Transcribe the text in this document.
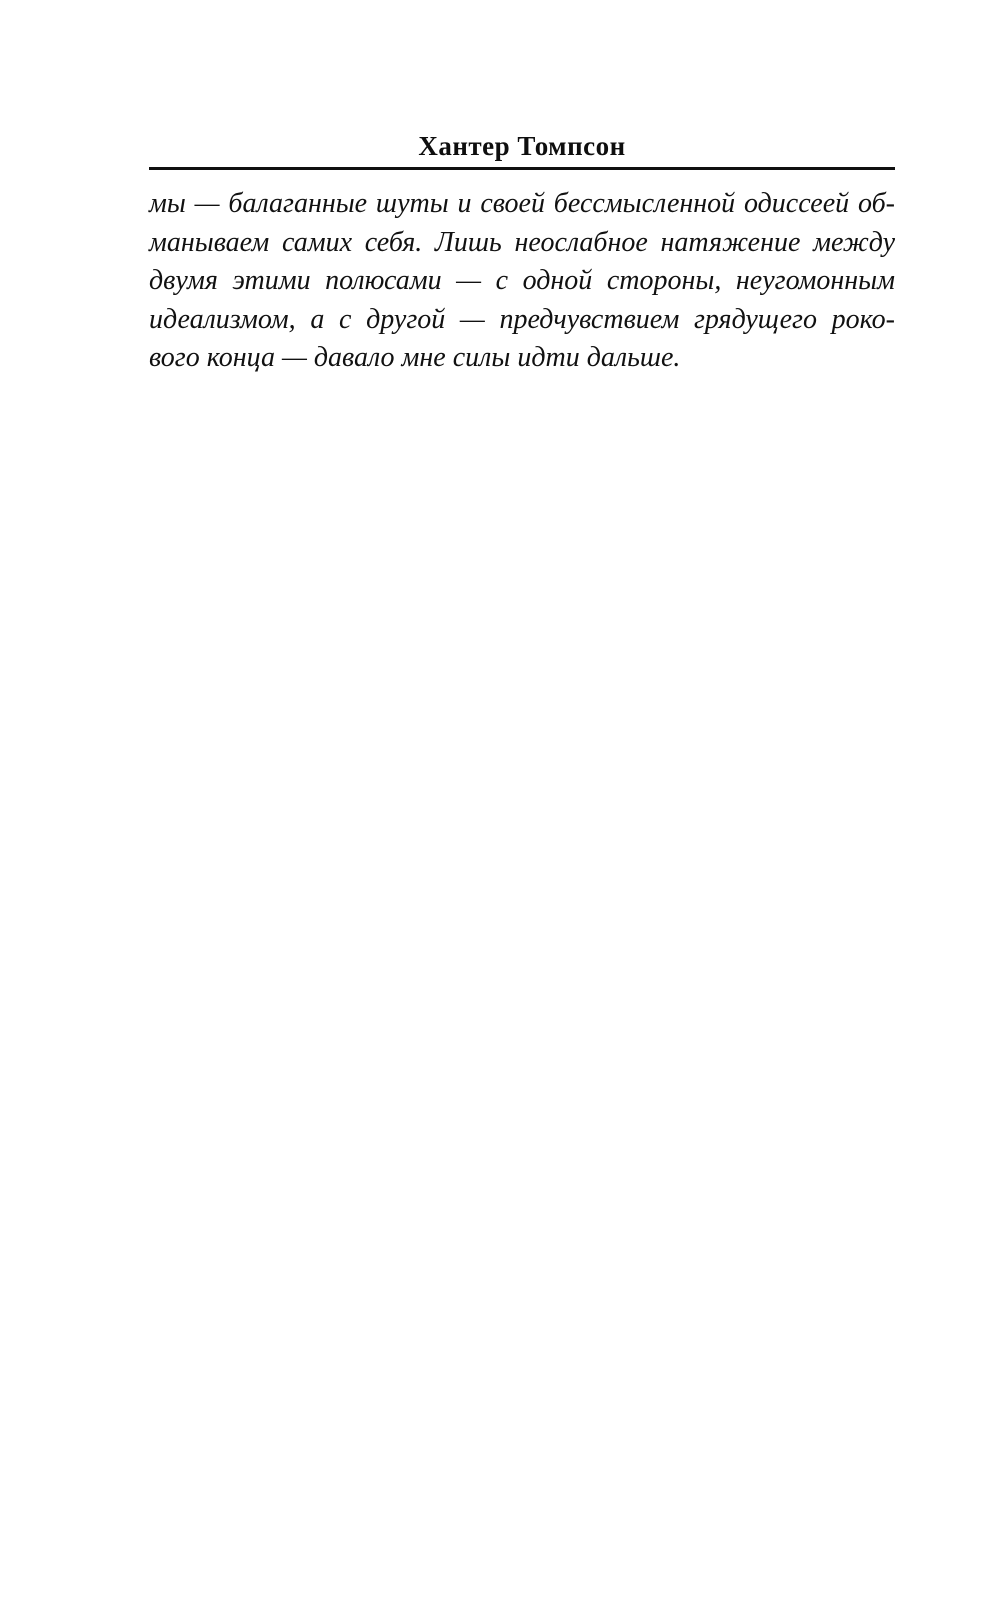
Хантер Томпсон
мы — балаганные шуты и своей бессмысленной одиссеей об-
манываем самих себя. Лишь неослабное натяжение между
двумя этими полюсами — с одной стороны, неугомонным
идеализмом, а с другой — предчувствием грядущего роко-
вого конца — давало мне силы идти дальше.
